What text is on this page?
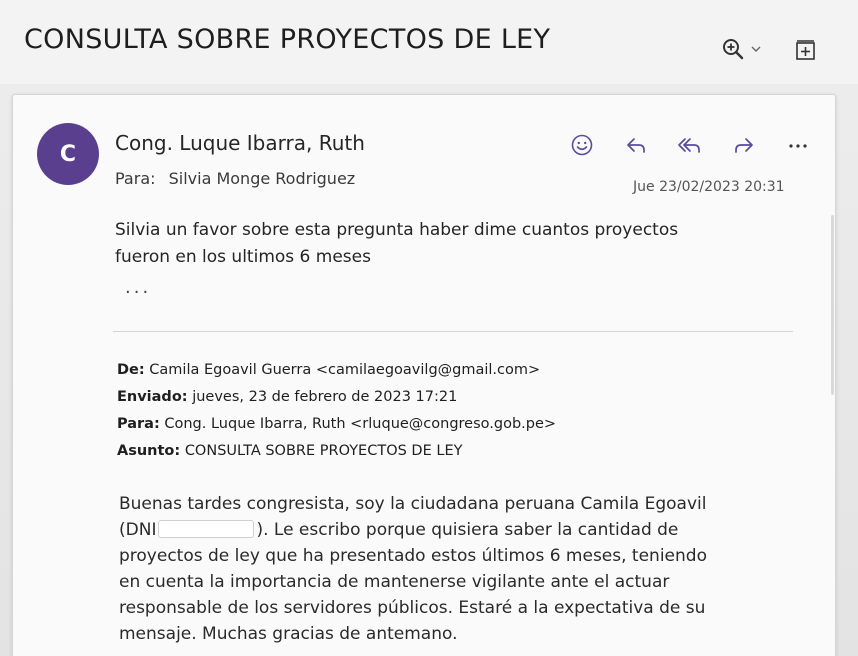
CONSULTA SOBRE PROYECTOS DE LEY
C	Cong. Luque Ibarra, Ruth
Para: Silvia Monge Rodriguez	Jue 23/02/2023 20:31
Silvia un favor sobre esta pregunta haber dime cuantos proyectos
fueron en los ultimos 6 meses
...
De: Camila Egoavil Guerra <camilaegoavilg@gmail.com>
Enviado: jueves, 23 de febrero de 2023 17:21
Para: Cong. Luque Ibarra, Ruth <rluque@congreso.gob.pe>
Asunto: CONSULTA SOBRE PROYECTOS DE LEY
Buenas tardes congresista, soy la ciudadana peruana Camila Egoavil
(DNI	). Le escribo porque quisiera saber la cantidad de
proyectos de ley que ha presentado estos últimos 6 meses, teniendo
en cuenta la importancia de mantenerse vigilante ante el actuar
responsable de los servidores públicos. Estaré a la expectativa de su
mensaje. Muchas gracias de antemano.
